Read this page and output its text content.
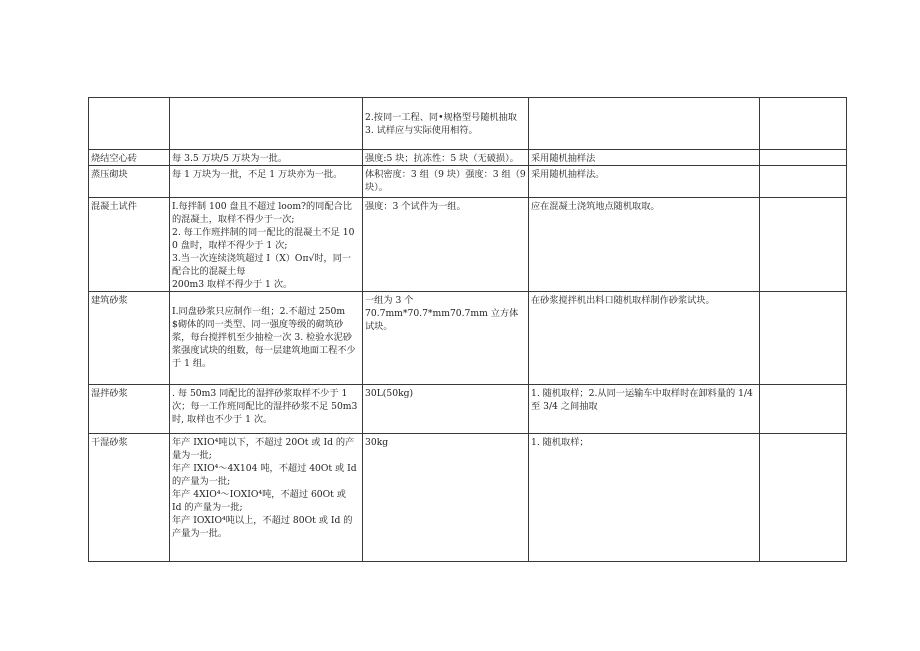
		2.按同一工程、同•规格型号随机抽取
3. 试样应与实际使用相符。		

烧结空心砖	每 3.5 万块/5 万块为一批。	强度:5 块；抗冻性：5 块（无破损）。	采用随机抽样法	

蒸压砌块	每 1 万块为一批，不足 1 万块亦为一批。	体积密度：3 组（9 块）强度：3 组（9
块）。	采用随机抽样法。	

混凝土试件	I.每拌制 100 盘且不超过 loom?的同配合比的混凝土，取样不得少于一次;
2. 每工作班拌制的同一配比的混凝土不足 100 盘时，取样不得少于 1 次;
3.当一次连续浇筑超过 I（X）Oπ√时，同一配合比的混凝土每
200m3 取样不得少于 1 次。	强度：3 个试件为一组。	应在混凝土浇筑地点随机取取。	

建筑砂浆	I.同盘砂浆只应制作一组；2.不超过 250m$砌体的同一类型、同一强度等级的砌筑砂浆，每台搅拌机至少抽检一次 3. 检验水泥砂浆强度试块的组数，每一层建筑地面工程不少于 1 组。	一组为 3 个
70.7mm*70.7*mm70.7mm 立方体试块。	在砂浆搅拌机出料口随机取样制作砂浆试块。	

湿拌砂浆	. 每 50m3 同配比的湿拌砂浆取样不少于 1 次；每一工作班同配比的湿拌砂浆不足 50m3 时, 取样也不少于 1 次。	30L(50kg)	1. 随机取样；2.从同一运输车中取样时在卸料量的 1/4 至 3/4 之间抽取	

干湿砂浆	年产 IXIO⁴吨以下，不超过 20Ot 或 Id 的产量为一批;
年产 IXIO⁴～4X104 吨，不超过 40Ot 或 Id 的产量为一批;
年产 4XIO⁴～IOXIO⁴吨，不超过 60Ot 或
Id 的产量为一批;
年产 IOXIO⁴吨以上，不超过 80Ot 或 Id 的产量为一批。	30kg	1. 随机取样；	
